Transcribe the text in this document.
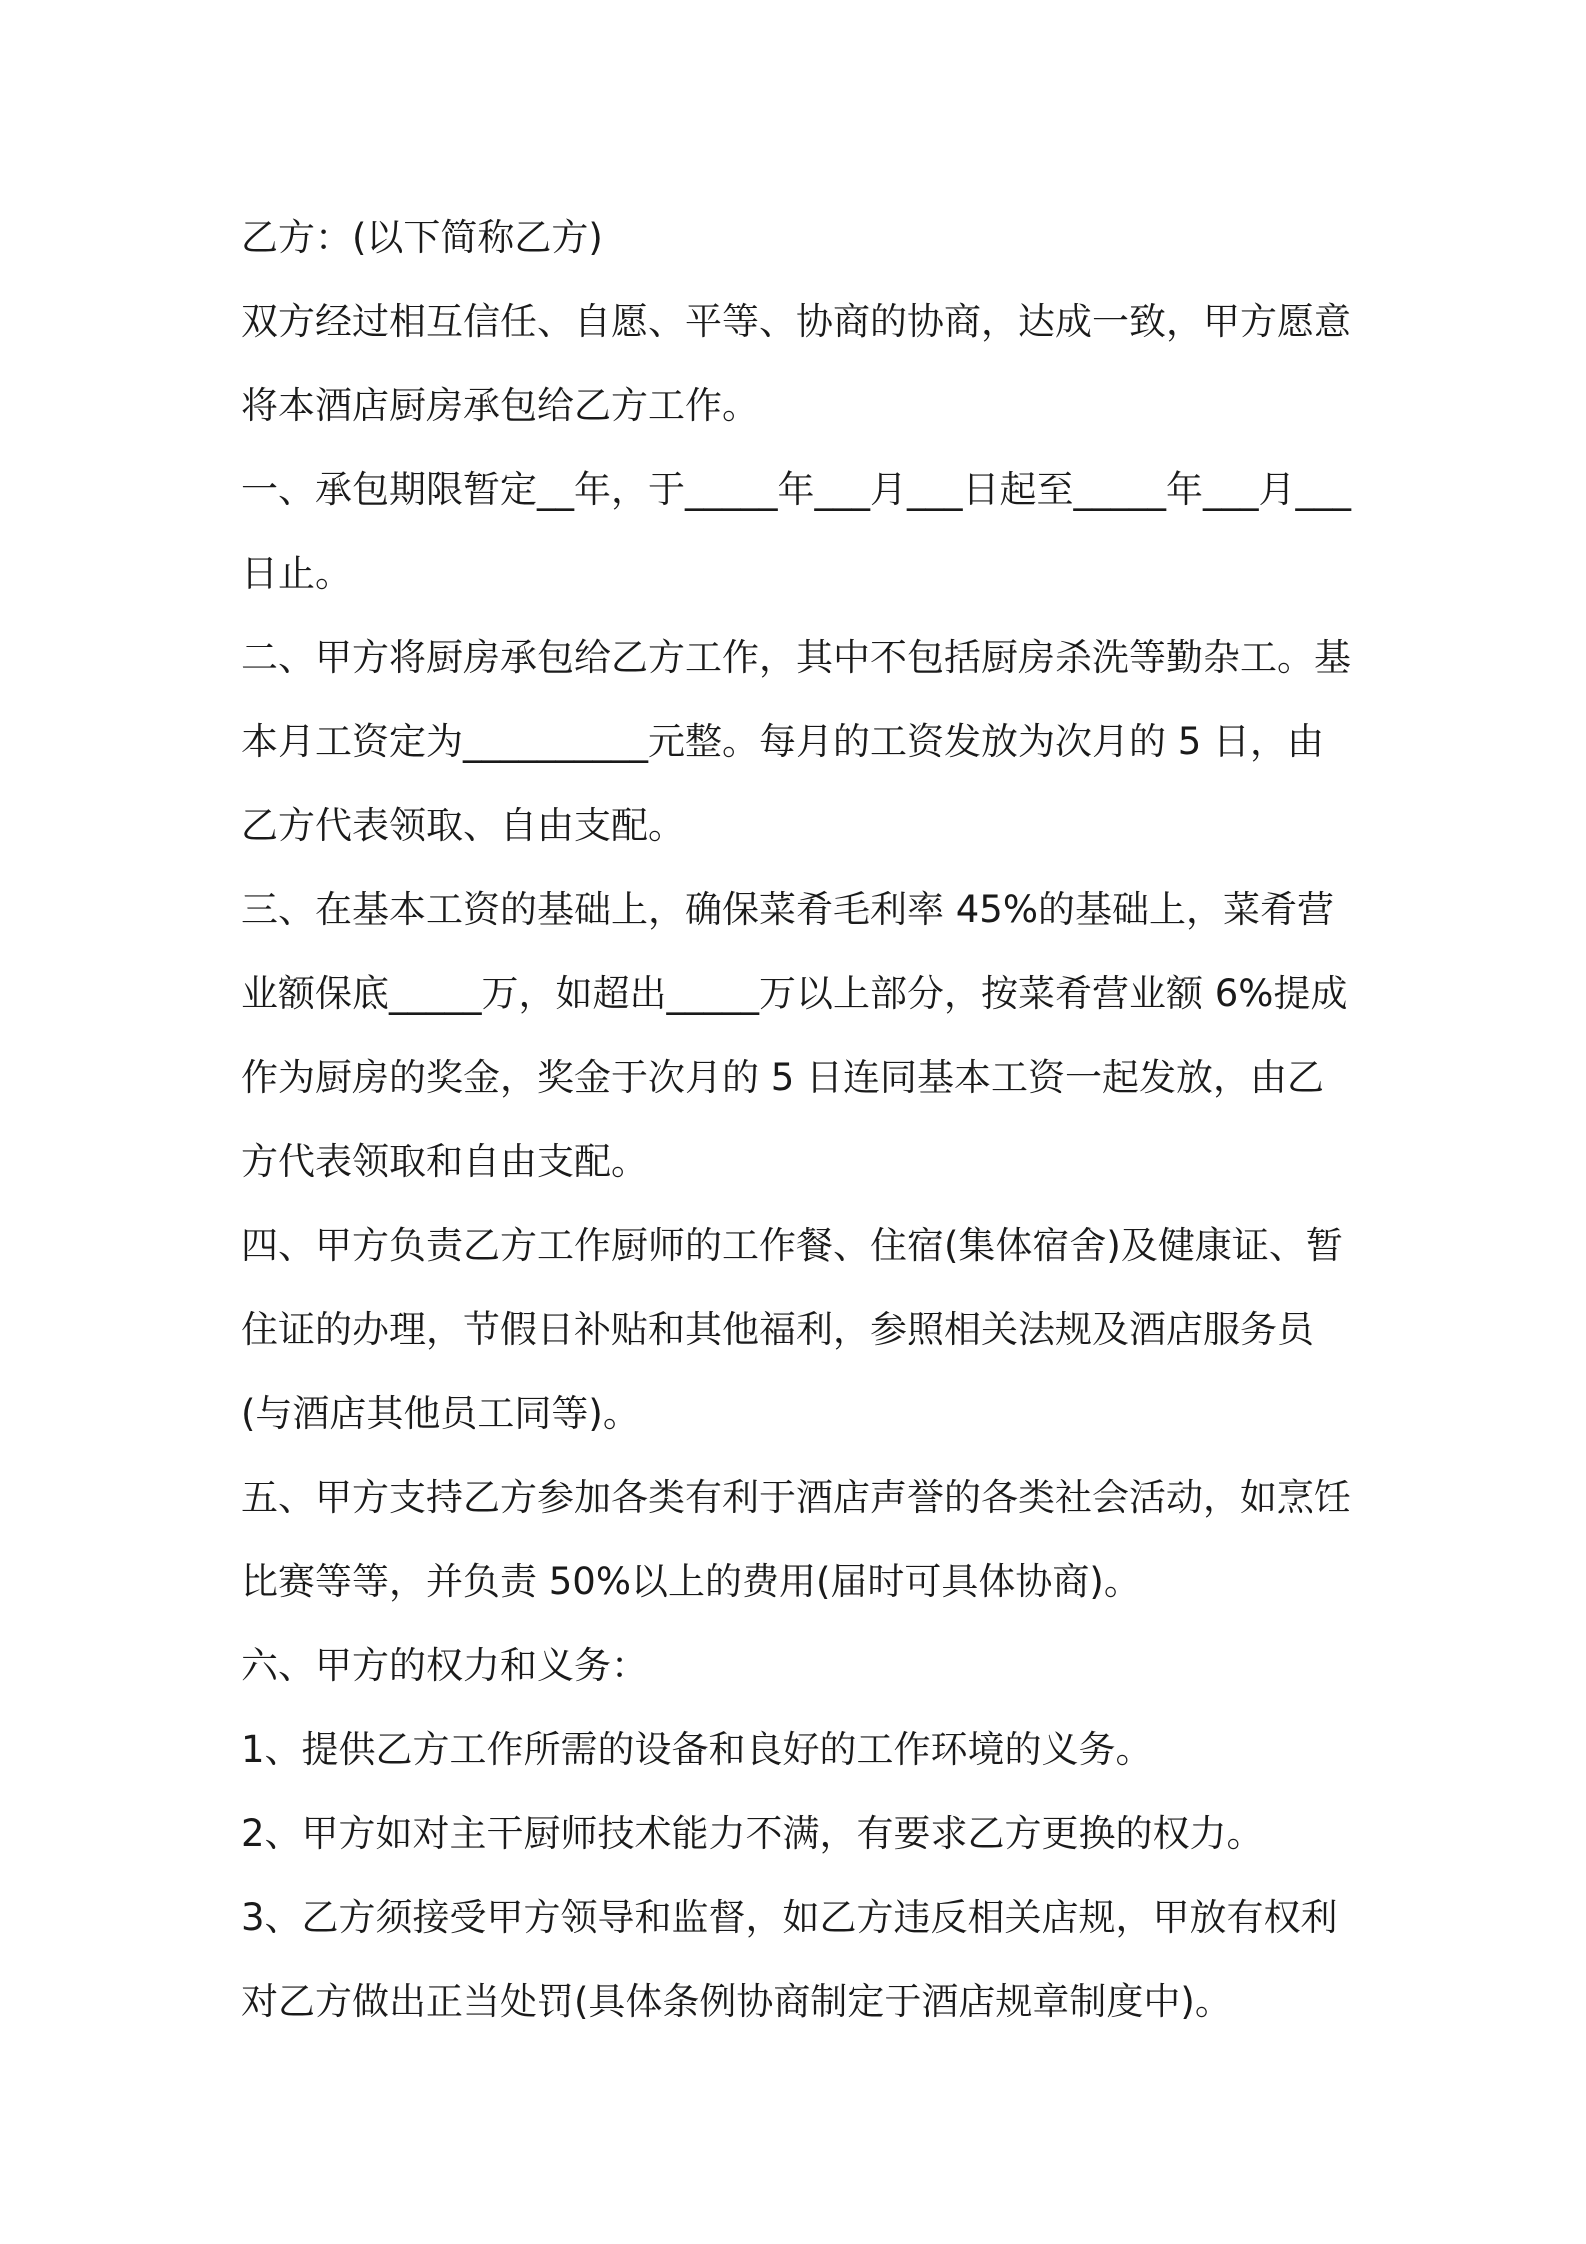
乙方：(以下简称乙方)

双方经过相互信任、自愿、平等、协商的协商，达成一致，甲方愿意将本酒店厨房承包给乙方工作。

一、承包期限暂定__年，于_____年___月___日起至_____年___月___日止。

二、甲方将厨房承包给乙方工作，其中不包括厨房杀洗等勤杂工。基本月工资定为__________元整。每月的工资发放为次月的 5 日，由乙方代表领取、自由支配。

三、在基本工资的基础上，确保菜肴毛利率 45%的基础上，菜肴营业额保底_____万，如超出_____万以上部分，按菜肴营业额 6%提成作为厨房的奖金，奖金于次月的 5 日连同基本工资一起发放，由乙方代表领取和自由支配。

四、甲方负责乙方工作厨师的工作餐、住宿(集体宿舍)及健康证、暂住证的办理，节假日补贴和其他福利，参照相关法规及酒店服务员(与酒店其他员工同等)。

五、甲方支持乙方参加各类有利于酒店声誉的各类社会活动，如烹饪比赛等等，并负责 50%以上的费用(届时可具体协商)。

六、甲方的权力和义务：

1、提供乙方工作所需的设备和良好的工作环境的义务。

2、甲方如对主干厨师技术能力不满，有要求乙方更换的权力。

3、乙方须接受甲方领导和监督，如乙方违反相关店规，甲放有权利对乙方做出正当处罚(具体条例协商制定于酒店规章制度中)。
